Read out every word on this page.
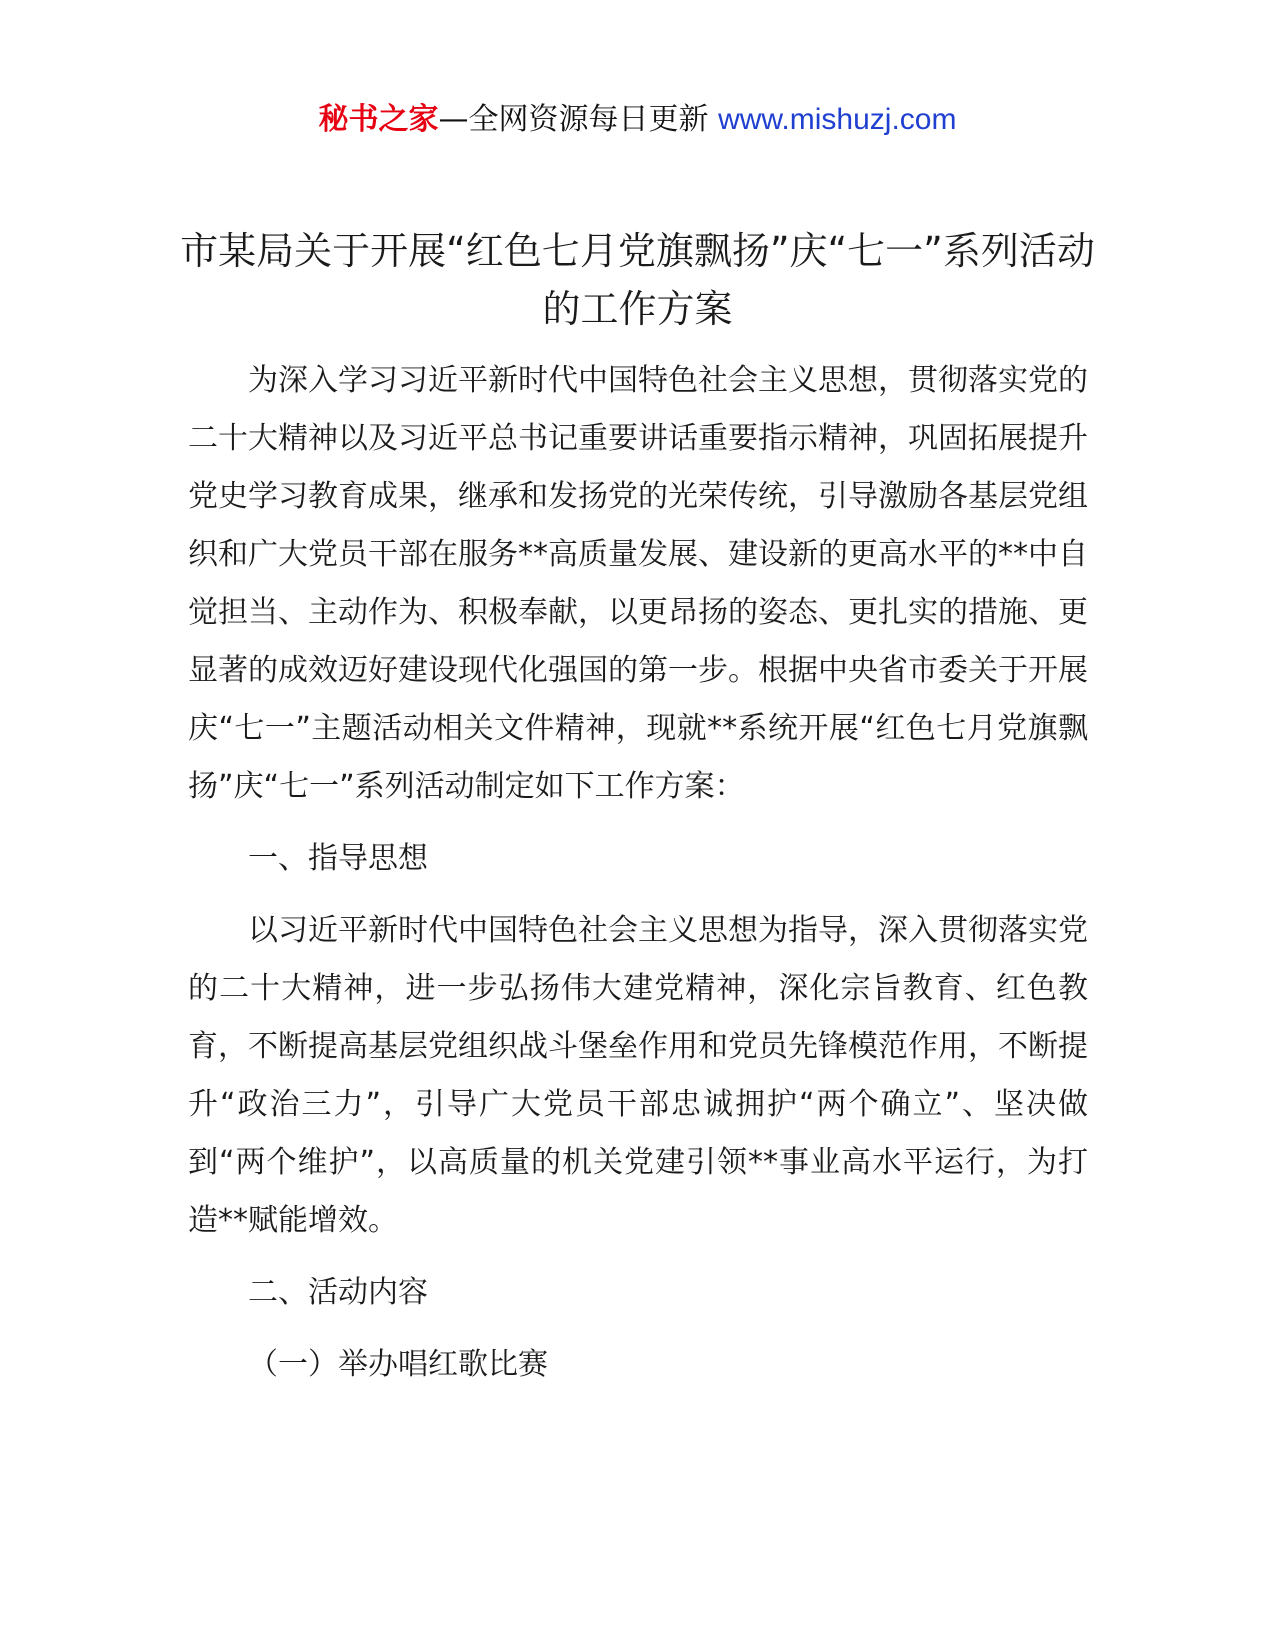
秘书之家—全网资源每日更新 www.mishuzj.com
市某局关于开展“红色七月党旗飘扬”庆“七一”系列活动的工作方案

为深入学习习近平新时代中国特色社会主义思想，贯彻落实党的二十大精神以及习近平总书记重要讲话重要指示精神，巩固拓展提升党史学习教育成果，继承和发扬党的光荣传统，引导激励各基层党组织和广大党员干部在服务**高质量发展、建设新的更高水平的**中自觉担当、主动作为、积极奉献，以更昂扬的姿态、更扎实的措施、更显著的成效迈好建设现代化强国的第一步。根据中央省市委关于开展庆“七一”主题活动相关文件精神，现就**系统开展“红色七月党旗飘扬”庆“七一”系列活动制定如下工作方案：

一、指导思想

以习近平新时代中国特色社会主义思想为指导，深入贯彻落实党的二十大精神，进一步弘扬伟大建党精神，深化宗旨教育、红色教育，不断提高基层党组织战斗堡垒作用和党员先锋模范作用，不断提升“政治三力”，引导广大党员干部忠诚拥护“两个确立”、坚决做到“两个维护”，以高质量的机关党建引领**事业高水平运行，为打造**赋能增效。

二、活动内容

（一）举办唱红歌比赛
